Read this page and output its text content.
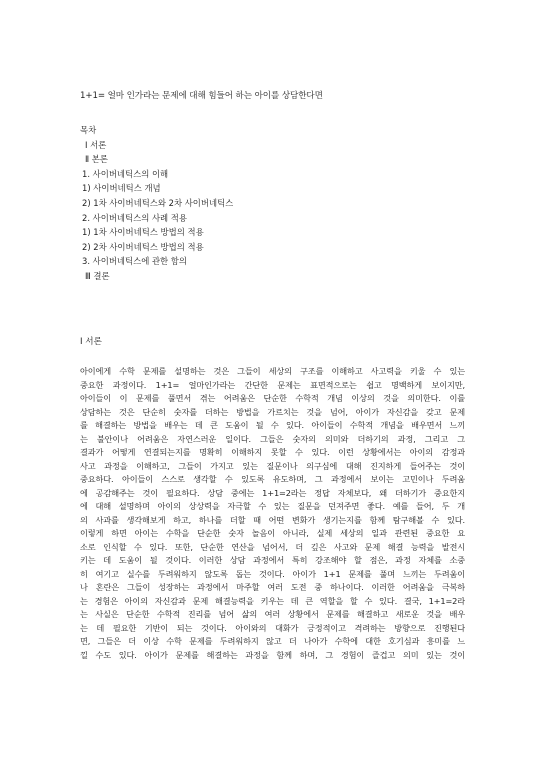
1+1= 얼마 인가라는 문제에 대해 힘들어 하는 아이를 상담한다면
목차
Ⅰ 서론
Ⅱ 본론
1. 사이버네틱스의 이해
1) 사이버네틱스 개념
2) 1차 사이버네틱스와 2차 사이버네틱스
2. 사이버네틱스의 사례 적용
1) 1차 사이버네틱스 방법의 적용
2) 2차 사이버네틱스 방법의 적용
3. 사이버네틱스에 관한 함의
Ⅲ 결론
Ⅰ 서론
아이에게 수학 문제를 설명하는 것은 그들이 세상의 구조를 이해하고 사고력을 키울 수 있는
중요한 과정이다. 1+1= 얼마인가라는 간단한 문제는 표면적으로는 쉽고 명백하게 보이지만,
아이들이 이 문제를 풀면서 겪는 어려움은 단순한 수학적 개념 이상의 것을 의미한다. 이를
상담하는 것은 단순히 숫자를 더하는 방법을 가르치는 것을 넘어, 아이가 자신감을 갖고 문제
를 해결하는 방법을 배우는 데 큰 도움이 될 수 있다. 아이들이 수학적 개념을 배우면서 느끼
는 불안이나 어려움은 자연스러운 일이다. 그들은 숫자의 의미와 더하기의 과정, 그리고 그
결과가 어떻게 연결되는지를 명확히 이해하지 못할 수 있다. 이런 상황에서는 아이의 감정과
사고 과정을 이해하고, 그들이 가지고 있는 질문이나 의구심에 대해 진지하게 들어주는 것이
중요하다. 아이들이 스스로 생각할 수 있도록 유도하며, 그 과정에서 보이는 고민이나 두려움
에 공감해주는 것이 필요하다. 상담 중에는 1+1=2라는 정답 자체보다, 왜 더하기가 중요한지
에 대해 설명하며 아이의 상상력을 자극할 수 있는 질문을 던져주면 좋다. 예를 들어, 두 개
의 사과를 생각해보게 하고, 하나를 더할 때 어떤 변화가 생기는지를 함께 탐구해볼 수 있다.
이렇게 하면 아이는 수학을 단순한 숫자 놀음이 아니라, 실제 세상의 일과 관련된 중요한 요
소로 인식할 수 있다. 또한, 단순한 연산을 넘어서, 더 깊은 사고와 문제 해결 능력을 발전시
키는 데 도움이 될 것이다. 이러한 상담 과정에서 특히 강조해야 할 점은, 과정 자체를 소중
히 여기고 실수를 두려워하지 않도록 돕는 것이다. 아이가 1+1 문제를 풀며 느끼는 두려움이
나 혼란은 그들이 성장하는 과정에서 마주할 여러 도전 중 하나이다. 이러한 어려움을 극복하
는 경험은 아이의 자신감과 문제 해결능력을 키우는 데 큰 역할을 할 수 있다. 결국, 1+1=2라
는 사실은 단순한 수학적 진리를 넘어 삶의 여러 상황에서 문제를 해결하고 새로운 것을 배우
는 데 필요한 기반이 되는 것이다. 아이와의 대화가 긍정적이고 격려하는 방향으로 진행된다
면, 그들은 더 이상 수학 문제를 두려워하지 않고 더 나아가 수학에 대한 호기심과 흥미를 느
낄 수도 있다. 아이가 문제를 해결하는 과정을 함께 하며, 그 경험이 즐겁고 의미 있는 것이
